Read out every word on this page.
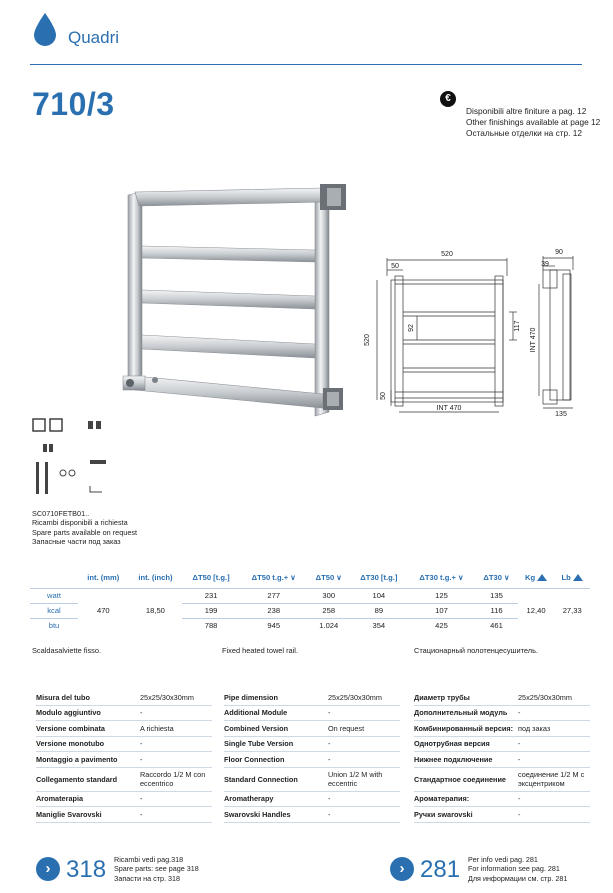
Quadri
710/3	€
Disponibili altre finiture a pag. 12
Other finishings available at page 12
Остальные отделки на стр. 12
520
50
520
50
92	117
INT 470
90
39
INT 470
135
SC0710FETB01..
Ricambi disponibili a richiesta
Spare parts available on request
Запасные части под заказ
	int. (mm)	int. (inch)	ΔT50 [t.g.]	ΔT50 t.g.+ ∨	ΔT50 ∨	ΔT30 [t.g.]	ΔT30 t.g.+ ∨	ΔT30 ∨	Kg	Lb
watt	470	18,50	231	277	300	104	125	135	12,40	27,33
kcal			199	238	258	89	107	116		
btu			788	945	1.024	354	425	461		
Scaldasalviette fisso.	Fixed heated towel rail.	Стационарный полотенцесушитель.
Misura del tubo	25x25/30x30mm
Modulo aggiuntivo	-
Versione combinata	A richiesta
Versione monotubo	-
Montaggio a pavimento	-
Collegamento standard	Raccordo 1/2 M con eccentrico
Aromaterapia	-
Maniglie Svarovski	-
Pipe dimension	25x25/30x30mm
Additional Module	-
Combined Version	On request
Single Tube Version	-
Floor Connection	-
Standard Connection	Union 1/2 M with eccentric
Aromatherapy	-
Swarovski Handles	-
Диаметр трубы	25x25/30x30mm
Дополнительный модуль	-
Комбинированный версия: под заказ
Однотрубная версия	-
Нижнее подключение	-
Стандартное соединение	соединение 1/2 M с эксцентриком
Ароматерапия:	-
Ручки swarovski	-
› 318 Ricambi vedi pag.318
Spare parts: see page 318
Запасти на стр. 318
› 281 Per info vedi pag. 281
For information see pag. 281
Для информации см. стр. 281
